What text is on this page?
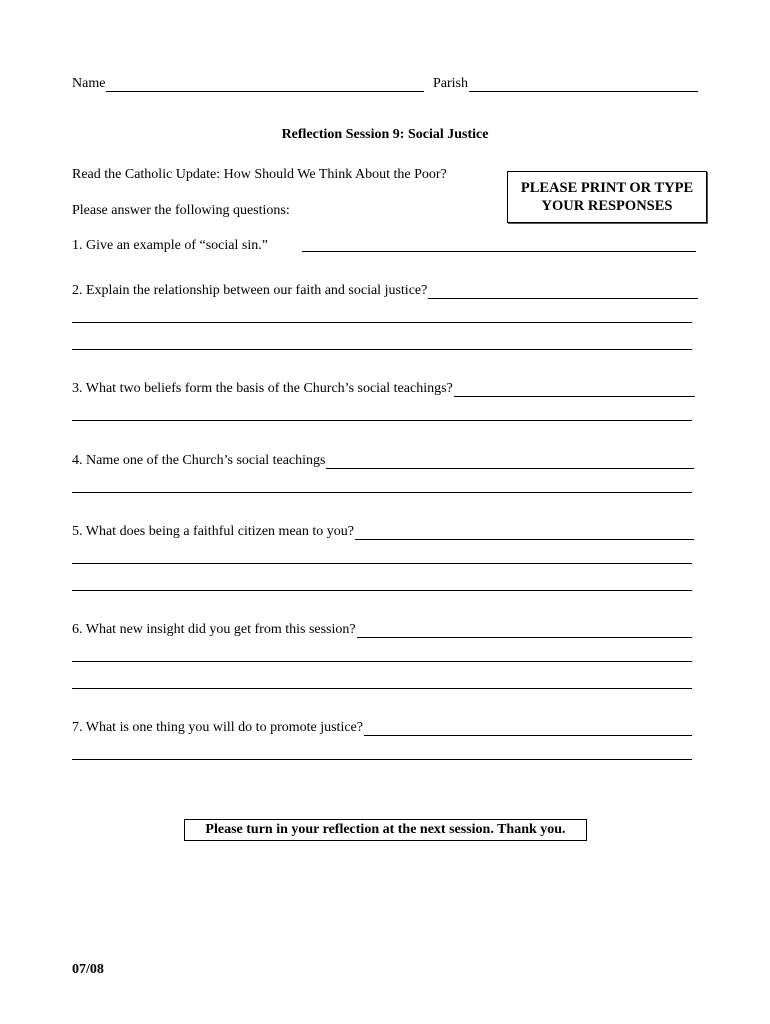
Name	Parish
Reflection Session 9: Social Justice
Read the Catholic Update: How Should We Think About the Poor?
Please answer the following questions:
PLEASE PRINT OR TYPE
YOUR RESPONSES
1. Give an example of “social sin.”
2. Explain the relationship between our faith and social justice?
3. What two beliefs form the basis of the Church’s social teachings?
4. Name one of the Church’s social teachings
5. What does being a faithful citizen mean to you?
6. What new insight did you get from this session?
7. What is one thing you will do to promote justice?
Please turn in your reflection at the next session. Thank you.
07/08
